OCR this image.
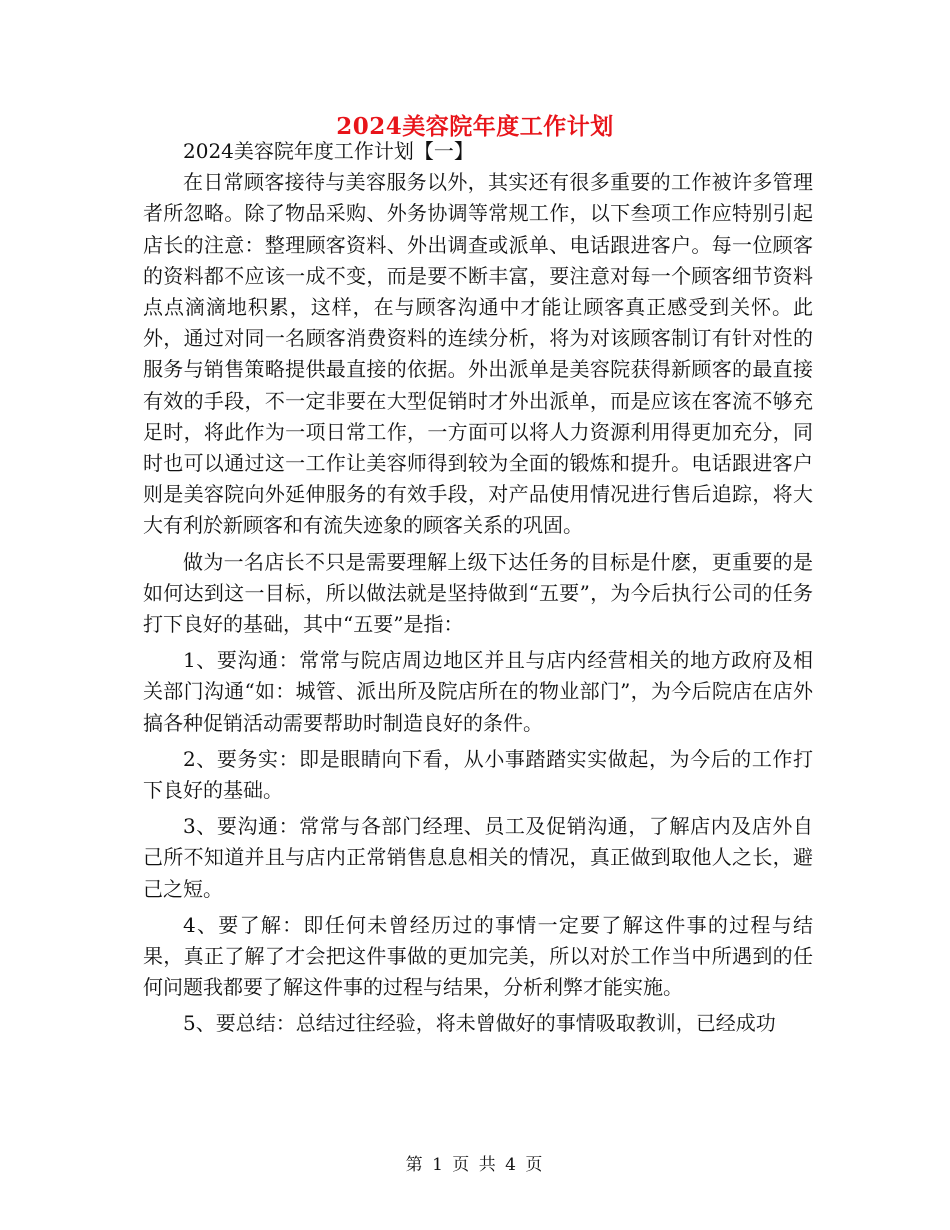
2024美容院年度工作计划

2024美容院年度工作计划【一】

在日常顾客接待与美容服务以外，其实还有很多重要的工作被许多管理者所忽略。除了物品采购、外务协调等常规工作，以下叁项工作应特别引起店长的注意：整理顾客资料、外出调查或派单、电话跟进客户。每一位顾客的资料都不应该一成不变，而是要不断丰富，要注意对每一个顾客细节资料点点滴滴地积累，这样，在与顾客沟通中才能让顾客真正感受到关怀。此外，通过对同一名顾客消费资料的连续分析，将为对该顾客制订有针对性的服务与销售策略提供最直接的依据。外出派单是美容院获得新顾客的最直接有效的手段，不一定非要在大型促销时才外出派单，而是应该在客流不够充足时，将此作为一项日常工作，一方面可以将人力资源利用得更加充分，同时也可以通过这一工作让美容师得到较为全面的锻炼和提升。电话跟进客户则是美容院向外延伸服务的有效手段，对产品使用情况进行售后追踪，将大大有利於新顾客和有流失迹象的顾客关系的巩固。

做为一名店长不只是需要理解上级下达任务的目标是什麽，更重要的是如何达到这一目标，所以做法就是坚持做到“五要”，为今后执行公司的任务打下良好的基础，其中“五要”是指：

1、要沟通：常常与院店周边地区并且与店内经营相关的地方政府及相关部门沟通“如：城管、派出所及院店所在的物业部门”，为今后院店在店外搞各种促销活动需要帮助时制造良好的条件。

2、要务实：即是眼睛向下看，从小事踏踏实实做起，为今后的工作打下良好的基础。

3、要沟通：常常与各部门经理、员工及促销沟通，了解店内及店外自己所不知道并且与店内正常销售息息相关的情况，真正做到取他人之长，避己之短。

4、要了解：即任何未曾经历过的事情一定要了解这件事的过程与结果，真正了解了才会把这件事做的更加完美，所以对於工作当中所遇到的任何问题我都要了解这件事的过程与结果，分析利弊才能实施。

5、要总结：总结过往经验，将未曾做好的事情吸取教训，已经成功

第 1 页 共 4 页
